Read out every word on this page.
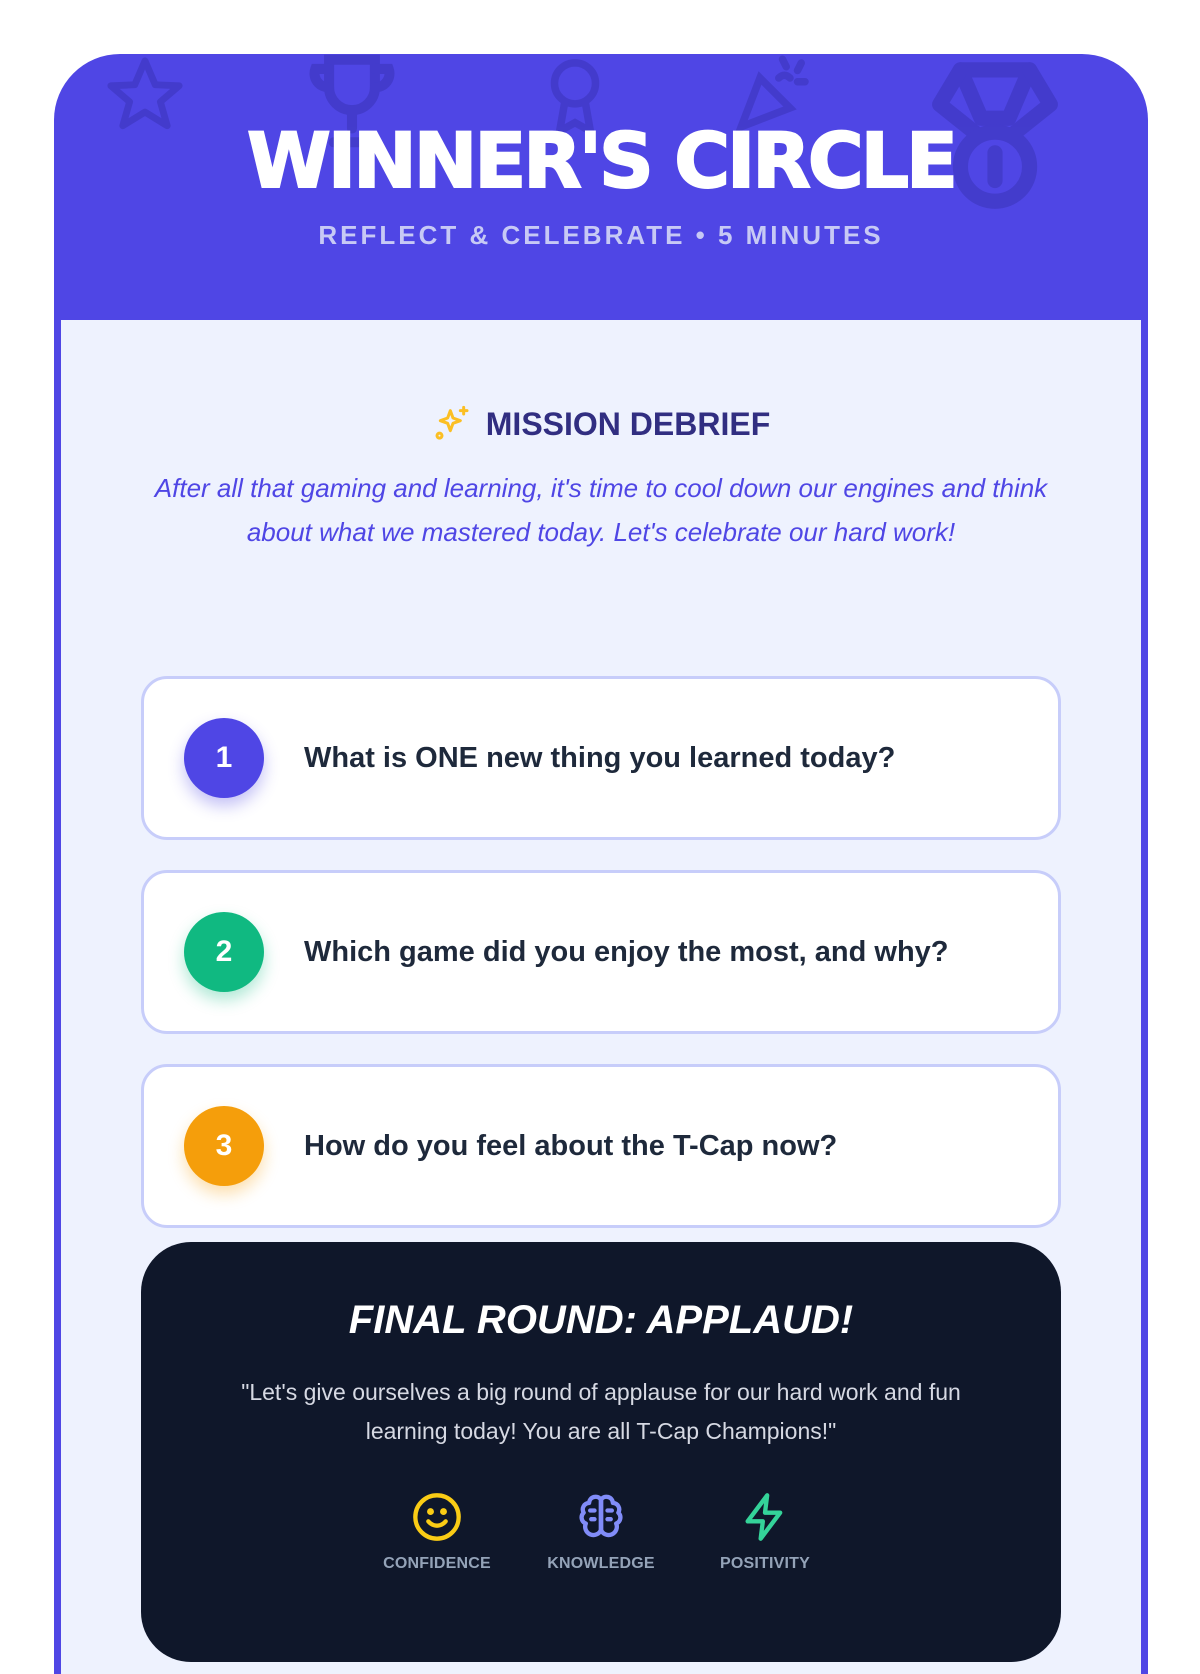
WINNER'S CIRCLE
REFLECT & CELEBRATE • 5 MINUTES
MISSION DEBRIEF

After all that gaming and learning, it's time to cool down our engines and think about what we mastered today. Let's celebrate our hard work!

1	What is ONE new thing you learned today?
2	Which game did you enjoy the most, and why?
3	How do you feel about the T-Cap now?
FINAL ROUND: APPLAUD!
"Let's give ourselves a big round of applause for our hard work and fun learning today! You are all T-Cap Champions!"
CONFIDENCE	KNOWLEDGE	POSITIVITY
